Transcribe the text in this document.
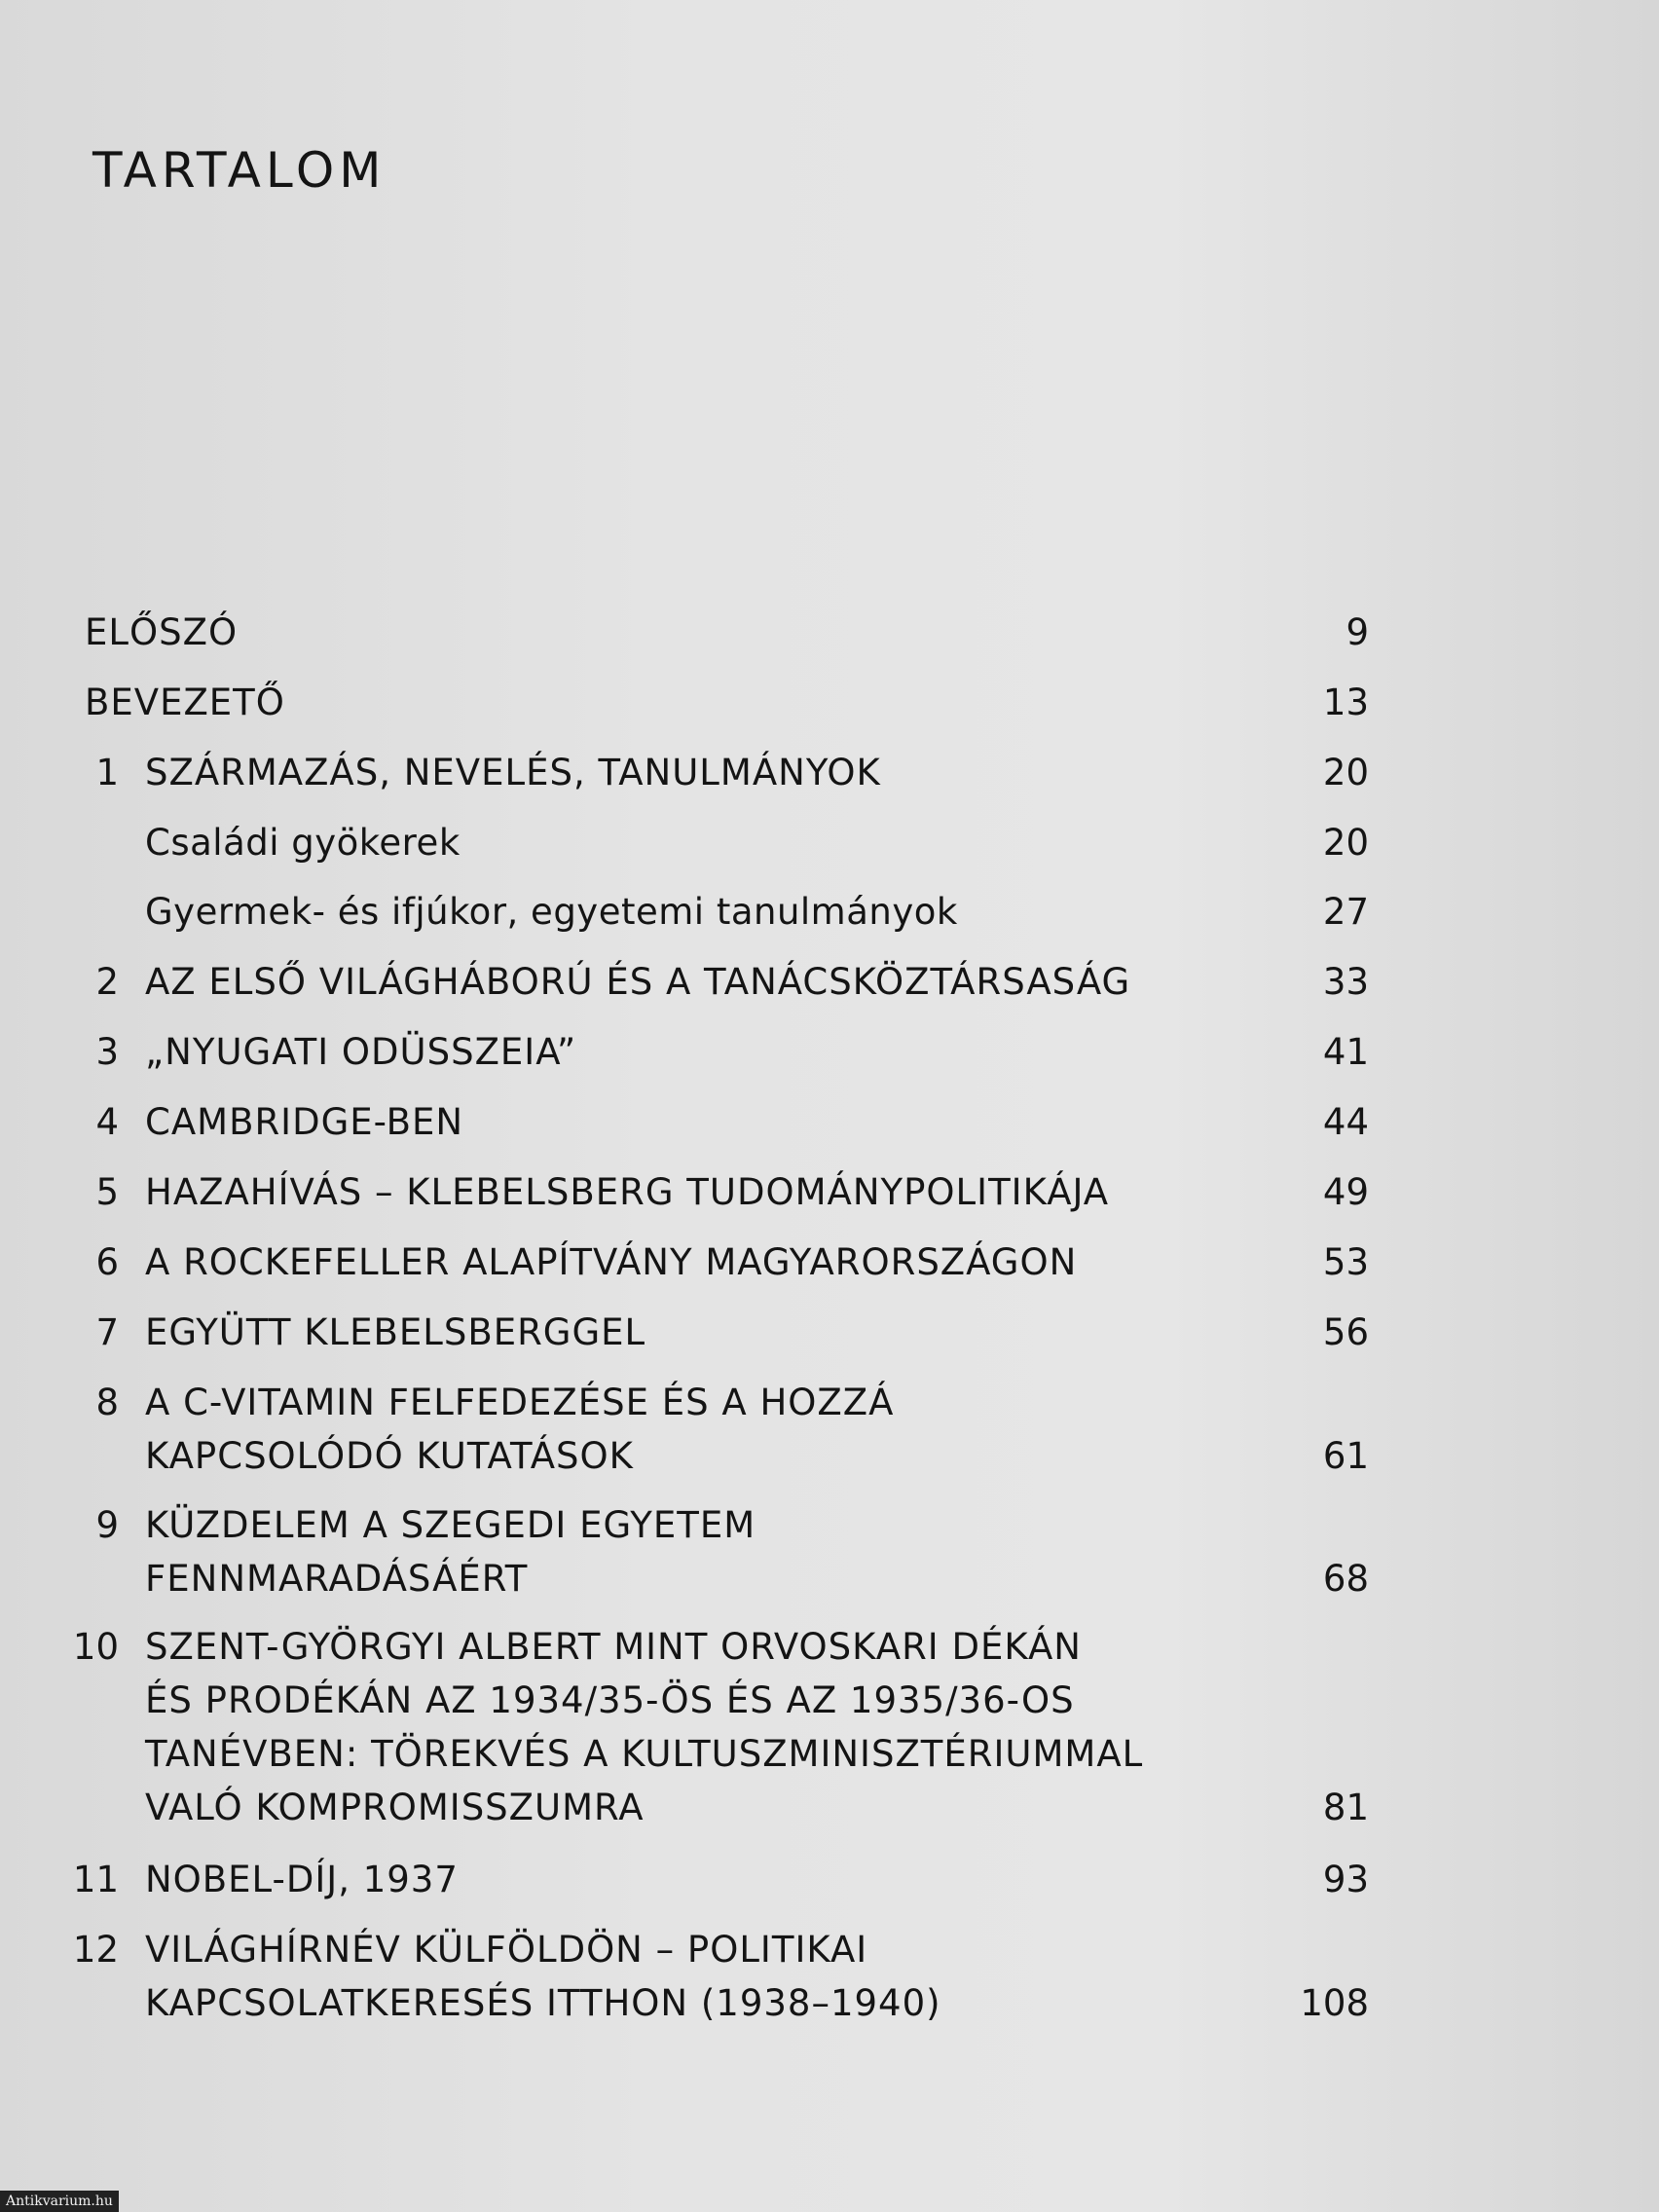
TARTALOM
ELŐSZÓ	9
BEVEZETŐ	13
1 SZÁRMAZÁS, NEVELÉS, TANULMÁNYOK	20
Családi gyökerek	20
Gyermek- és ifjúkor, egyetemi tanulmányok	27
2 AZ ELSŐ VILÁGHÁBORÚ ÉS A TANÁCSKÖZTÁRSASÁG	33
3 „NYUGATI ODÜSSZEIA”	41
4 CAMBRIDGE-BEN	44
5 HAZAHÍVÁS – KLEBELSBERG TUDOMÁNYPOLITIKÁJA	49
6 A ROCKEFELLER ALAPÍTVÁNY MAGYARORSZÁGON	53
7 EGYÜTT KLEBELSBERGGEL	56
8 A C-VITAMIN FELFEDEZÉSE ÉS A HOZZÁ
KAPCSOLÓDÓ KUTATÁSOK	61
9 KÜZDELEM A SZEGEDI EGYETEM
FENNMARADÁSÁÉRT	68
10 SZENT-GYÖRGYI ALBERT MINT ORVOSKARI DÉKÁN
ÉS PRODÉKÁN AZ 1934/35-ÖS ÉS AZ 1935/36-OS
TANÉVBEN: TÖREKVÉS A KULTUSZMINISZTÉRIUMMAL
VALÓ KOMPROMISSZUMRA	81
11 NOBEL-DÍJ, 1937	93
12 VILÁGHÍRNÉV KÜLFÖLDÖN – POLITIKAI
KAPCSOLATKERESÉS ITTHON (1938–1940)	108
Antikvarium.hu
